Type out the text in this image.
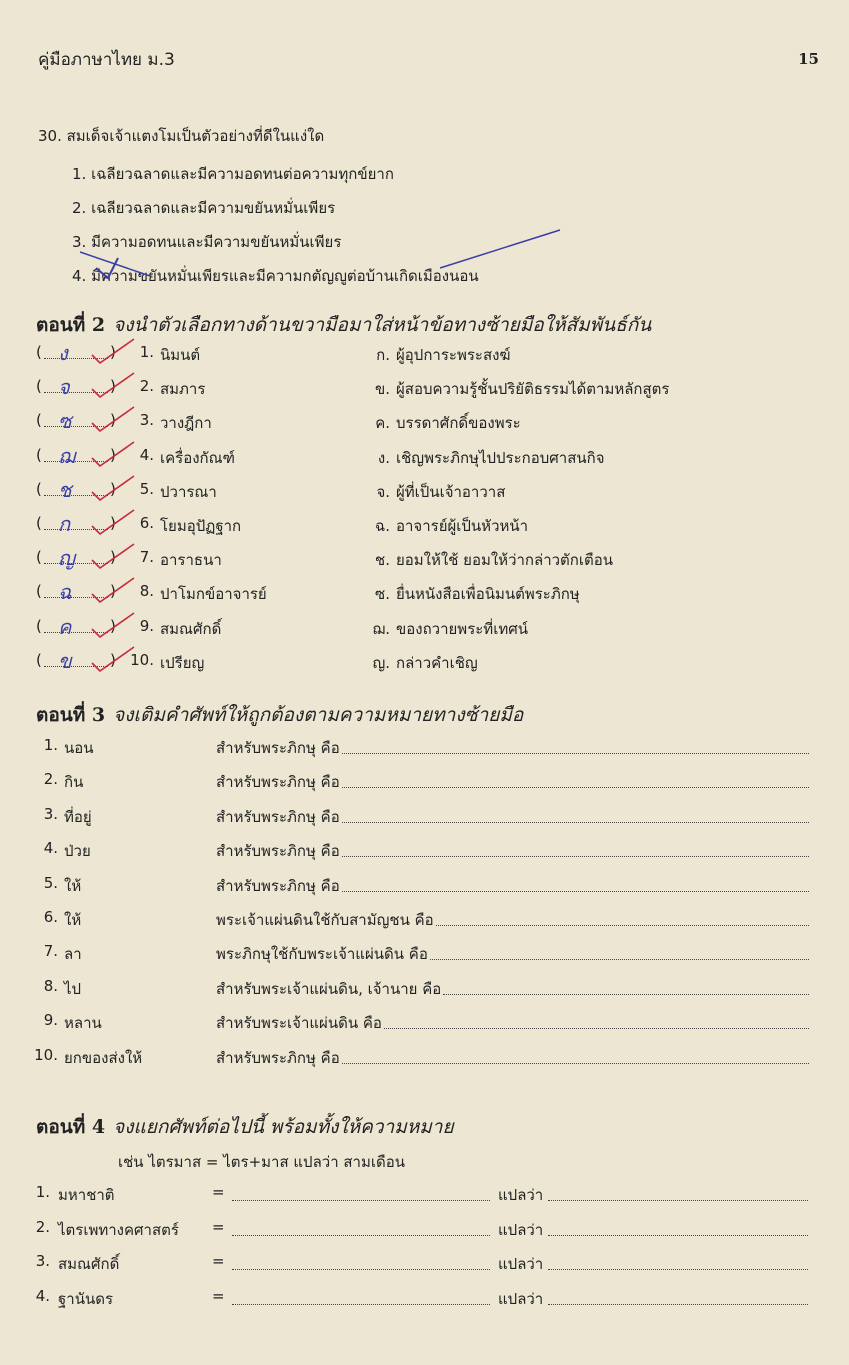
คู่มือภาษาไทย ม.3	15
30. สมเด็จเจ้าแตงโมเป็นตัวอย่างที่ดีในแง่ใด
1. เฉลียวฉลาดและมีความอดทนต่อความทุกข์ยาก
2. เฉลียวฉลาดและมีความขยันหมั่นเพียร
3. มีความอดทนและมีความขยันหมั่นเพียร
4. มีความขยันหมั่นเพียรและมีความกตัญญูต่อบ้านเกิดเมืองนอน
ตอนที่ 2 จงนำตัวเลือกทางด้านขวามือมาใส่หน้าข้อทางซ้ายมือให้สัมพันธ์กัน
( ง	)	1. นิมนต์	ก. ผู้อุปการะพระสงฆ์
( จ	)	2. สมภาร	ข. ผู้สอบความรู้ชั้นปริยัติธรรมได้ตามหลักสูตร
( ซ	)	3. วางฎีกา	ค. บรรดาศักดิ์ของพระ
( ฌ )	4. เครื่องกัณฑ์	ง. เชิญพระภิกษุไปประกอบศาสนกิจ
( ช	)	5. ปวารณา	จ. ผู้ที่เป็นเจ้าอาวาส
( ก	)	6. โยมอุปัฏฐาก	ฉ. อาจารย์ผู้เป็นหัวหน้า
( ญ )	7. อาราธนา	ช. ยอมให้ใช้ ยอมให้ว่ากล่าวตักเตือน
( ฉ	)	8. ปาโมกข์อาจารย์	ซ. ยื่นหนังสือเพื่อนิมนต์พระภิกษุ
( ค	)	9. สมณศักดิ์	ฌ. ของถวายพระที่เทศน์
( ข	) 10. เปรียญ	ญ. กล่าวคำเชิญ
ตอนที่ 3 จงเติมคำศัพท์ให้ถูกต้องตามความหมายทางซ้ายมือ
1. นอน	สำหรับพระภิกษุ คือ
2. กิน	สำหรับพระภิกษุ คือ
3. ที่อยู่	สำหรับพระภิกษุ คือ
4. ป่วย	สำหรับพระภิกษุ คือ
5. ให้	สำหรับพระภิกษุ คือ
6. ให้	พระเจ้าแผ่นดินใช้กับสามัญชน คือ
7. ลา	พระภิกษุใช้กับพระเจ้าแผ่นดิน คือ
8. ไป	สำหรับพระเจ้าแผ่นดิน, เจ้านาย คือ
9. หลาน	สำหรับพระเจ้าแผ่นดิน คือ
10. ยกของส่งให้	สำหรับพระภิกษุ คือ
ตอนที่ 4 จงแยกศัพท์ต่อไปนี้ พร้อมทั้งให้ความหมาย
เช่น ไตรมาส = ไตร+มาส แปลว่า สามเดือน
1. มหาชาติ	=	แปลว่า
2. ไตรเพทางคศาสตร์ =	แปลว่า
3. สมณศักดิ์	=	แปลว่า
4. ฐานันดร	=	แปลว่า
